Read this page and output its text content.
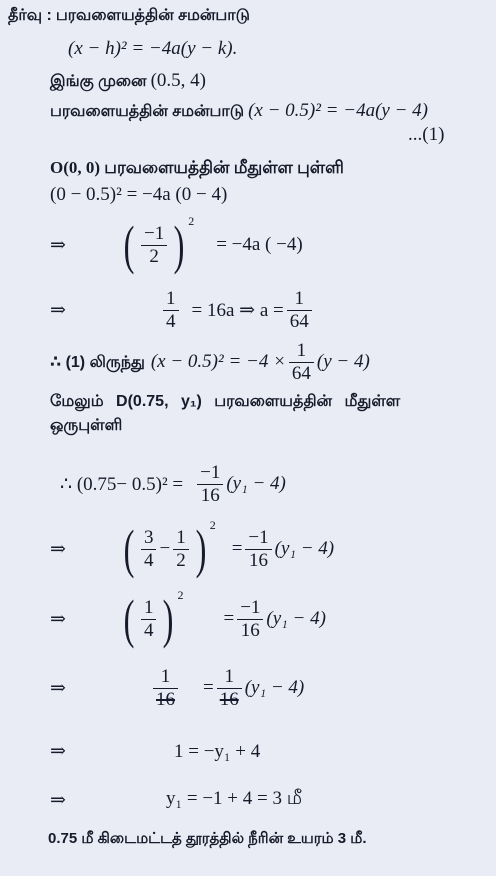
தீர்வு : பரவளையத்தின் சமன்பாடு
(x − h)² = −4a(y − k).
இங்கு முனை (0.5, 4)
பரவளையத்தின் சமன்பாடு (x − 0.5)² = −4a(y − 4)
...(1)
O(0, 0) பரவளையத்தின் மீதுள்ள புள்ளி
(0 − 0.5)² = −4a (0 − 4)
⇒	( $\frac{-1}{2}$ ) 2
= −4a ( −4)
⇒	$\frac{1}{4} = 16a$ ⇒ $a = \frac{1}{64}$
∴ (1) லிருந்து $(x - 0.5)^2 = -4 \times \frac{1}{64} (y - 4)$
மேலும் D(0.75, y₁) பரவளையத்தின் மீதுள்ள
ஒருபுள்ளி
∴ $(0.75- 0.5)^2 = \frac{-1}{16} (y_1 - 4)$
⇒	( $\frac{3}{4} - \frac{1}{2}$ ) 2
= $\frac{-1}{16} (y_1 - 4)$
⇒	( $\frac{1}{4}$ ) 2
= $\frac{-1}{16} (y_1 - 4)$
⇒	$\frac{1}{16} = \frac{1}{16} (y_1 - 4)$
⇒	1 = −y₁ + 4
⇒	y₁ = −1 + 4 = 3 மீ
0.75 மீ கிடைமட்டத் தூரத்தில் நீரின் உயரம் 3 மீ.
